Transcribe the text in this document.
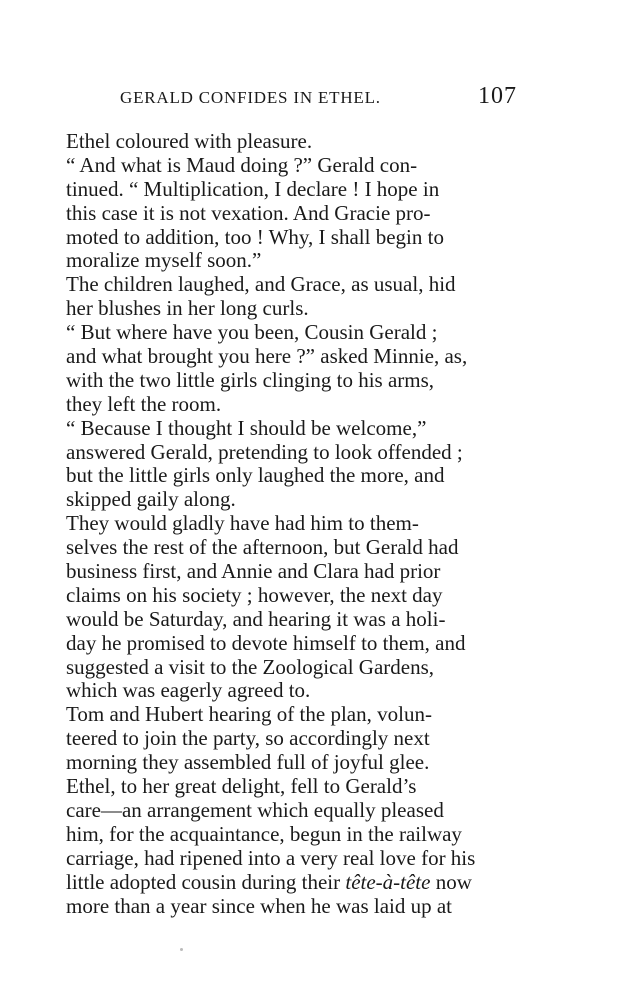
GERALD CONFIDES IN ETHEL.	107
Ethel coloured with pleasure.
“ And what is Maud doing ?” Gerald con-
tinued. “ Multiplication, I declare ! I hope in
this case it is not vexation. And Gracie pro-
moted to addition, too ! Why, I shall begin to
moralize myself soon.”
The children laughed, and Grace, as usual, hid
her blushes in her long curls.
“ But where have you been, Cousin Gerald ;
and what brought you here ?” asked Minnie, as,
with the two little girls clinging to his arms,
they left the room.
“ Because I thought I should be welcome,”
answered Gerald, pretending to look offended ;
but the little girls only laughed the more, and
skipped gaily along.
They would gladly have had him to them-
selves the rest of the afternoon, but Gerald had
business first, and Annie and Clara had prior
claims on his society ; however, the next day
would be Saturday, and hearing it was a holi-
day he promised to devote himself to them, and
suggested a visit to the Zoological Gardens,
which was eagerly agreed to.
Tom and Hubert hearing of the plan, volun-
teered to join the party, so accordingly next
morning they assembled full of joyful glee.
Ethel, to her great delight, fell to Gerald’s
care—an arrangement which equally pleased
him, for the acquaintance, begun in the railway
carriage, had ripened into a very real love for his
little adopted cousin during their tête-à-tête now
more than a year since when he was laid up at
